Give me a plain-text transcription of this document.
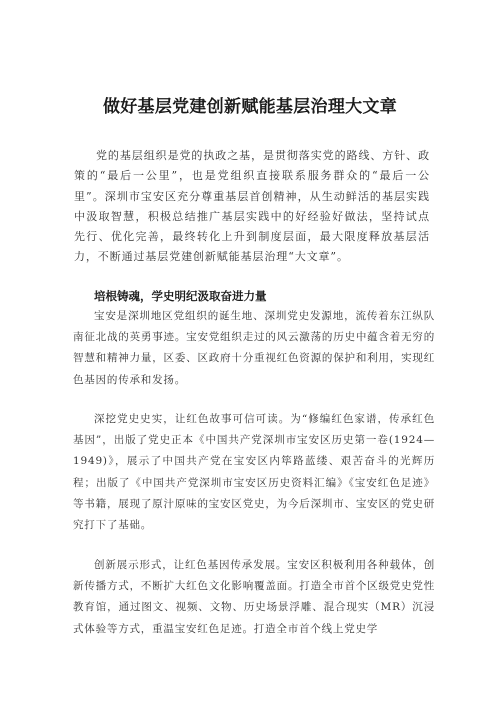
做好基层党建创新赋能基层治理大文章

党的基层组织是党的执政之基，是贯彻落实党的路线、方针、政策的“最后一公里”，也是党组织直接联系服务群众的“最后一公里”。深圳市宝安区充分尊重基层首创精神，从生动鲜活的基层实践中汲取智慧，积极总结推广基层实践中的好经验好做法，坚持试点先行、优化完善，最终转化上升到制度层面，最大限度释放基层活力，不断通过基层党建创新赋能基层治理“大文章”。

培根铸魂，学史明纪汲取奋进力量

宝安是深圳地区党组织的诞生地、深圳党史发源地，流传着东江纵队南征北战的英勇事迹。宝安党组织走过的风云激荡的历史中蕴含着无穷的智慧和精神力量，区委、区政府十分重视红色资源的保护和利用，实现红色基因的传承和发扬。

深挖党史史实，让红色故事可信可读。为“修编红色家谱，传承红色基因”，出版了党史正本《中国共产党深圳市宝安区历史第一卷(1924—1949)》，展示了中国共产党在宝安区内筚路蓝缕、艰苦奋斗的光辉历程；出版了《中国共产党深圳市宝安区历史资料汇编》《宝安红色足迹》等书籍，展现了原汁原味的宝安区党史，为今后深圳市、宝安区的党史研究打下了基础。

创新展示形式，让红色基因传承发展。宝安区积极利用各种载体，创新传播方式，不断扩大红色文化影响覆盖面。打造全市首个区级党史党性教育馆，通过图文、视频、文物、历史场景浮雕、混合现实（MR）沉浸式体验等方式，重温宝安红色足迹。打造全市首个线上党史学
